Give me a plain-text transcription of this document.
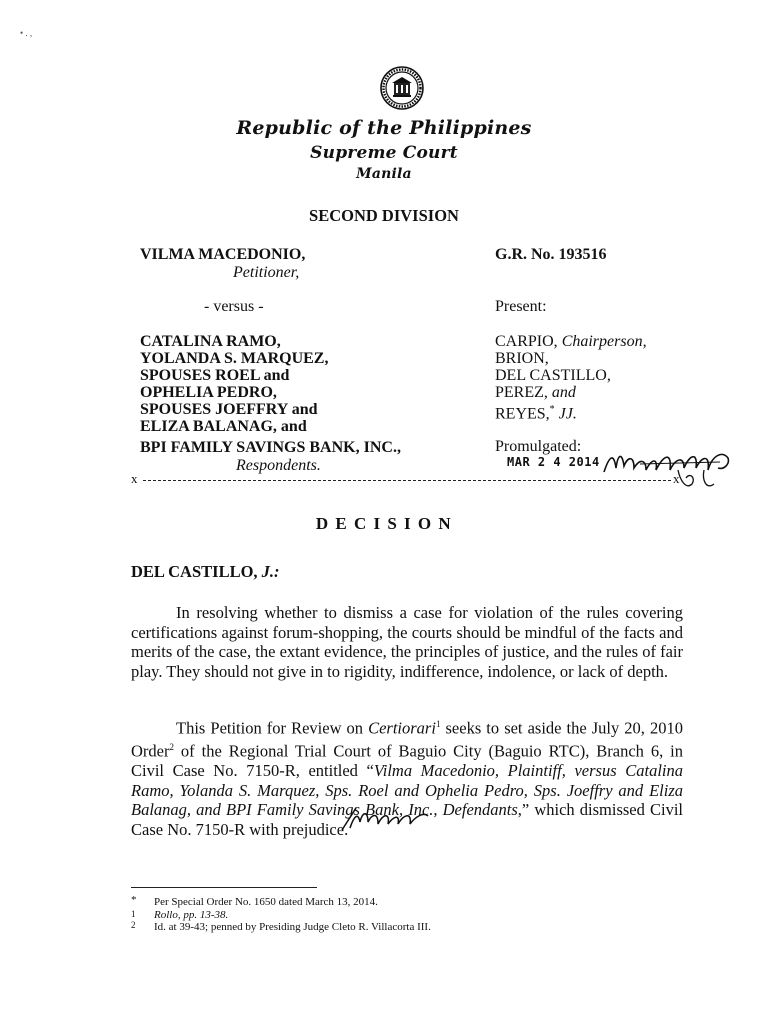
• . ,
Republic of the Philippines
Supreme Court
Manila
SECOND DIVISION
VILMA MACEDONIO,
Petitioner,
- versus -
CATALINA RAMO,
YOLANDA S. MARQUEZ,
SPOUSES ROEL and
OPHELIA PEDRO,
SPOUSES JOEFFRY and
ELIZA BALANAG, and
BPI FAMILY SAVINGS BANK, INC.,
Respondents.
G.R. No. 193516
Present:
CARPIO, Chairperson,
BRION,
DEL CASTILLO,
PEREZ, and
REYES,* JJ.
Promulgated:
MAR 2 4 2014
x	x
D E C I S I O N
DEL CASTILLO, J.:
In resolving whether to dismiss a case for violation of the rules covering certifications against forum-shopping, the courts should be mindful of the facts and merits of the case, the extant evidence, the principles of justice, and the rules of fair play. They should not give in to rigidity, indifference, indolence, or lack of depth.
This Petition for Review on Certiorari$^1$ seeks to set aside the July 20, 2010 Order$^2$ of the Regional Trial Court of Baguio City (Baguio RTC), Branch 6, in Civil Case No. 7150-R, entitled “Vilma Macedonio, Plaintiff, versus Catalina Ramo, Yolanda S. Marquez, Sps. Roel and Ophelia Pedro, Sps. Joeffry and Eliza Balanag, and BPI Family Savings Bank, Inc., Defendants,” which dismissed Civil Case No. 7150-R with prejudice.
* Per Special Order No. 1650 dated March 13, 2014.
1 Rollo, pp. 13-38.
2 Id. at 39-43; penned by Presiding Judge Cleto R. Villacorta III.
